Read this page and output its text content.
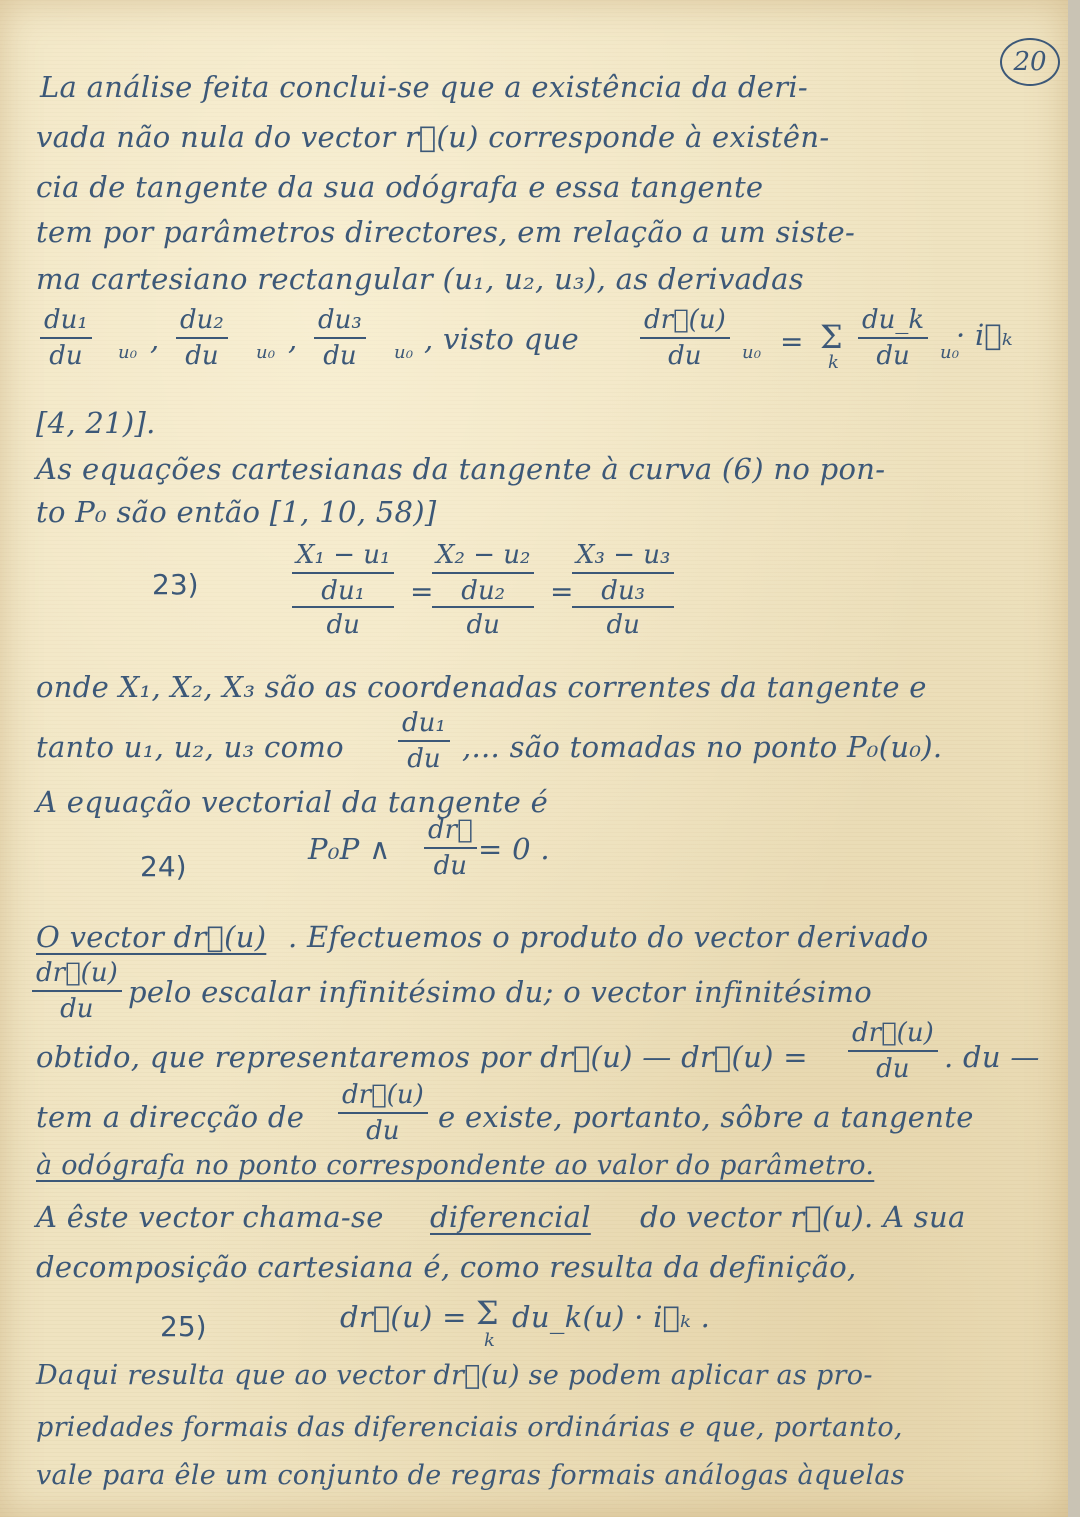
20
La análise feita conclui-se que a existência da deri-
vada não nula do vector r⃗(u) corresponde à existên-
cia de tangente da sua odógrafa e essa tangente
tem por parâmetros directores, em relação a um siste-
ma cartesiano rectangular (u₁, u₂, u₃), as derivadas
$\frac{\text{du₁}}{du} u_0$ , $\frac{\text{du₂}}{du} u_0$ , $\frac{\text{du₃}}{du} u_0$ , visto que $\frac{dr⃗(u)}{du} u_0 = \Sigma$
k $\frac{du\_k}{du} u_0$
· i⃗ₖ
[4, 21)].
As equações cartesianas da tangente à curva (6) no pon-
to P₀ são então [1, 10, 58)]
23)
X₁ − u₁
du₁
du
=
X₂ − u₂
du₂
du
=
X₃ − u₃
du₃
du
onde X₁, X₂, X₃ são as coordenadas correntes da tangente e
tanto u₁, u₂, u₃ como $\frac{\text{du₁}}{du}$ ,... são tomadas no ponto P₀(u₀).
A equação vectorial da tangente é
24)
P₀P ∧ $\frac{dr⃗}{du} = 0$ .
O vector dr⃗(u) . Efectuemos o produto do vector derivado
$\frac{dr⃗(u)}{du}$ pelo escalar infinitésimo du; o vector infinitésimo
obtido, que representaremos por dr⃗(u) — dr⃗(u) = $\frac{dr⃗(u)}{du}$ . du —
tem a direcção de $\frac{dr⃗(u)}{du}$ e existe, portanto, sôbre a tangente
à odógrafa no ponto correspondente ao valor do parâmetro.
A êste vector chama-se diferencial do vector r⃗(u). A sua
decomposição cartesiana é, como resulta da definição,
25)	dr⃗(u) = Σ
k
du_k(u) · i⃗ₖ .
Daqui resulta que ao vector dr⃗(u) se podem aplicar as pro-
priedades formais das diferenciais ordinárias e que, portanto,
vale para êle um conjunto de regras formais análogas àquelas
